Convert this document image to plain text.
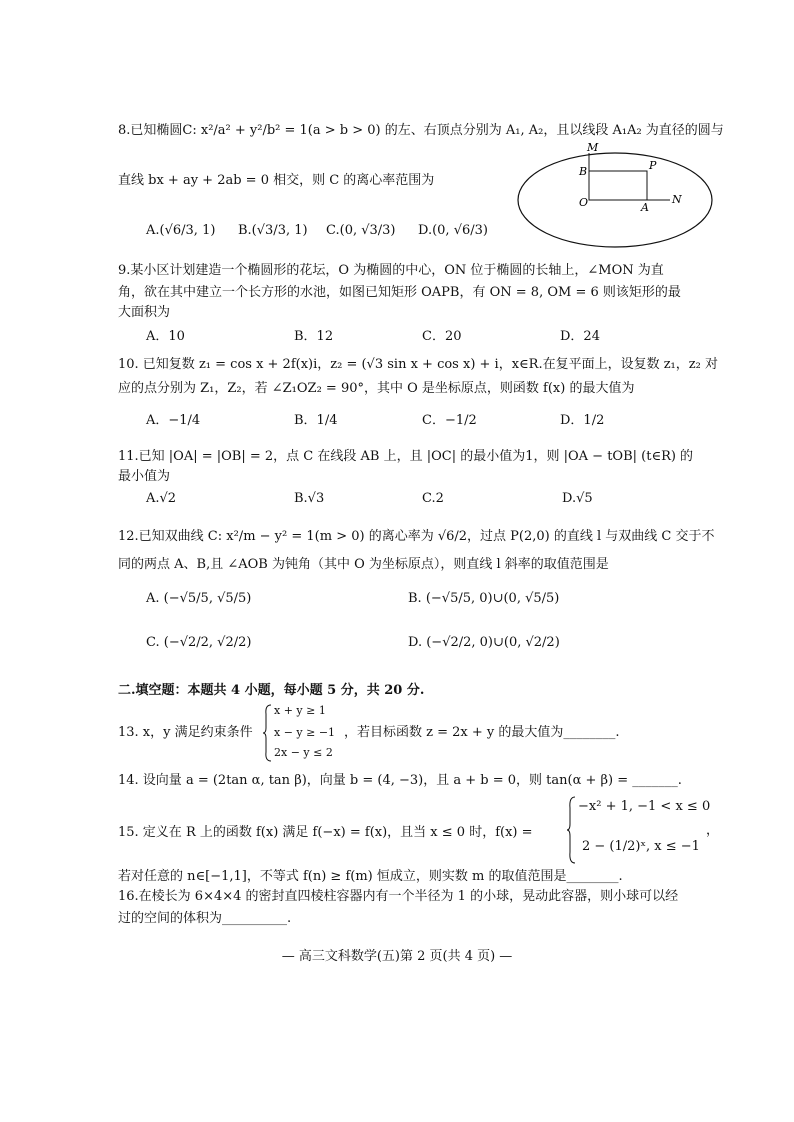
8.已知椭圆C: x²/a² + y²/b² = 1(a > b > 0) 的左、右顶点分别为 A₁, A₂，且以线段 A₁A₂ 为直径的圆与
直线 bx + ay + 2ab = 0 相交，则 C 的离心率范围为
A.(√6/3, 1) B.(√3/3, 1) C.(0, √3/3) D.(0, √6/3)
M
P
B
O	A
N
9.某小区计划建造一个椭圆形的花坛，O 为椭圆的中心，ON 位于椭圆的长轴上，∠MON 为直
角，欲在其中建立一个长方形的水池，如图已知矩形 OAPB，有 ON = 8, OM = 6 则该矩形的最
大面积为
A．10	B．12	C．20	D．24
10. 已知复数 z₁ = cos x + 2f(x)i，z₂ = (√3 sin x + cos x) + i，x∈R.在复平面上，设复数 z₁，z₂ 对
应的点分别为 Z₁，Z₂，若 ∠Z₁OZ₂ = 90°，其中 O 是坐标原点，则函数 f(x) 的最大值为
A．−1/4	B．1/4	C．−1/2	D．1/2
11.已知 |OA| = |OB| = 2，点 C 在线段 AB 上，且 |OC| 的最小值为1，则 |OA − tOB| (t∈R) 的
最小值为
A.√2	B.√3	C.2	D.√5
12.已知双曲线 C: x²/m − y² = 1(m > 0) 的离心率为 √6/2，过点 P(2,0) 的直线 l 与双曲线 C 交于不
同的两点 A、B,且 ∠AOB 为钝角（其中 O 为坐标原点），则直线 l 斜率的取值范围是
A. (−√5/5, √5/5)	B. (−√5/5, 0)∪(0, √5/5)
C. (−√2/2, √2/2)	D. (−√2/2, 0)∪(0, √2/2)
二.填空题：本题共 4 小题，每小题 5 分，共 20 分.
13. x，y 满足约束条件
x + y ≥ 1
x − y ≥ −1
2x − y ≤ 2
，若目标函数 z = 2x + y 的最大值为________.
14. 设向量 a = (2tan α, tan β)，向量 b = (4, −3)，且 a + b = 0，则 tan(α + β) = _______.
15. 定义在 R 上的函数 f(x) 满足 f(−x) = f(x)，且当 x ≤ 0 时，f(x) =
−x² + 1, −1 < x ≤ 0
2 − (1/2)ˣ, x ≤ −1
，
若对任意的 n∈[−1,1]，不等式 f(n) ≥ f(m) 恒成立，则实数 m 的取值范围是________.
16.在棱长为 6×4×4 的密封直四棱柱容器内有一个半径为 1 的小球，晃动此容器，则小球可以经
过的空间的体积为__________.
— 高三文科数学(五)第 2 页(共 4 页) —
